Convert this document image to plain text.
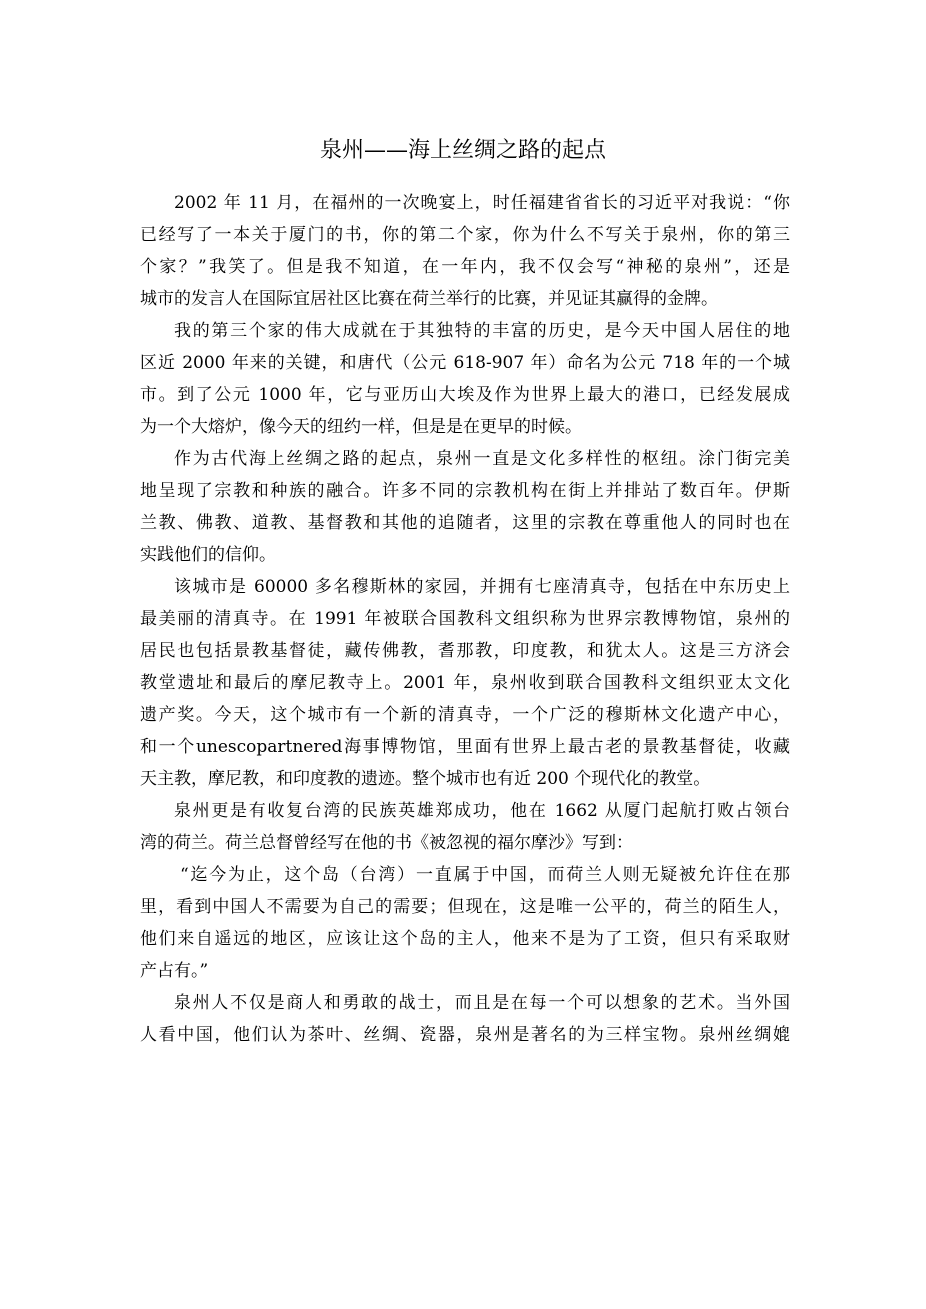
泉州——海上丝绸之路的起点
2002 年 11 月，在福州的一次晚宴上，时任福建省省长的习近平对我说：“你
已经写了一本关于厦门的书，你的第二个家，你为什么不写关于泉州，你的第三
个家？”我笑了。但是我不知道，在一年内，我不仅会写“神秘的泉州”，还是
城市的发言人在国际宜居社区比赛在荷兰举行的比赛，并见证其赢得的金牌。
我的第三个家的伟大成就在于其独特的丰富的历史，是今天中国人居住的地
区近 2000 年来的关键，和唐代（公元 618-907 年）命名为公元 718 年的一个城
市。到了公元 1000 年，它与亚历山大埃及作为世界上最大的港口，已经发展成
为一个大熔炉，像今天的纽约一样，但是是在更早的时候。
作为古代海上丝绸之路的起点，泉州一直是文化多样性的枢纽。涂门街完美
地呈现了宗教和种族的融合。许多不同的宗教机构在街上并排站了数百年。伊斯
兰教、佛教、道教、基督教和其他的追随者，这里的宗教在尊重他人的同时也在
实践他们的信仰。
该城市是 60000 多名穆斯林的家园，并拥有七座清真寺，包括在中东历史上
最美丽的清真寺。在 1991 年被联合国教科文组织称为世界宗教博物馆，泉州的
居民也包括景教基督徒，藏传佛教，耆那教，印度教，和犹太人。这是三方济会
教堂遗址和最后的摩尼教寺上。2001 年，泉州收到联合国教科文组织亚太文化
遗产奖。今天，这个城市有一个新的清真寺，一个广泛的穆斯林文化遗产中心，
和一个unescopartnered海事博物馆，里面有世界上最古老的景教基督徒，收藏
天主教，摩尼教，和印度教的遗迹。整个城市也有近 200 个现代化的教堂。
泉州更是有收复台湾的民族英雄郑成功，他在 1662 从厦门起航打败占领台
湾的荷兰。荷兰总督曾经写在他的书《被忽视的福尔摩沙》写到：
“迄今为止，这个岛（台湾）一直属于中国，而荷兰人则无疑被允许住在那
里，看到中国人不需要为自己的需要；但现在，这是唯一公平的，荷兰的陌生人，
他们来自遥远的地区，应该让这个岛的主人，他来不是为了工资，但只有采取财
产占有。”
泉州人不仅是商人和勇敢的战士，而且是在每一个可以想象的艺术。当外国
人看中国，他们认为茶叶、丝绸、瓷器，泉州是著名的为三样宝物。泉州丝绸媲
